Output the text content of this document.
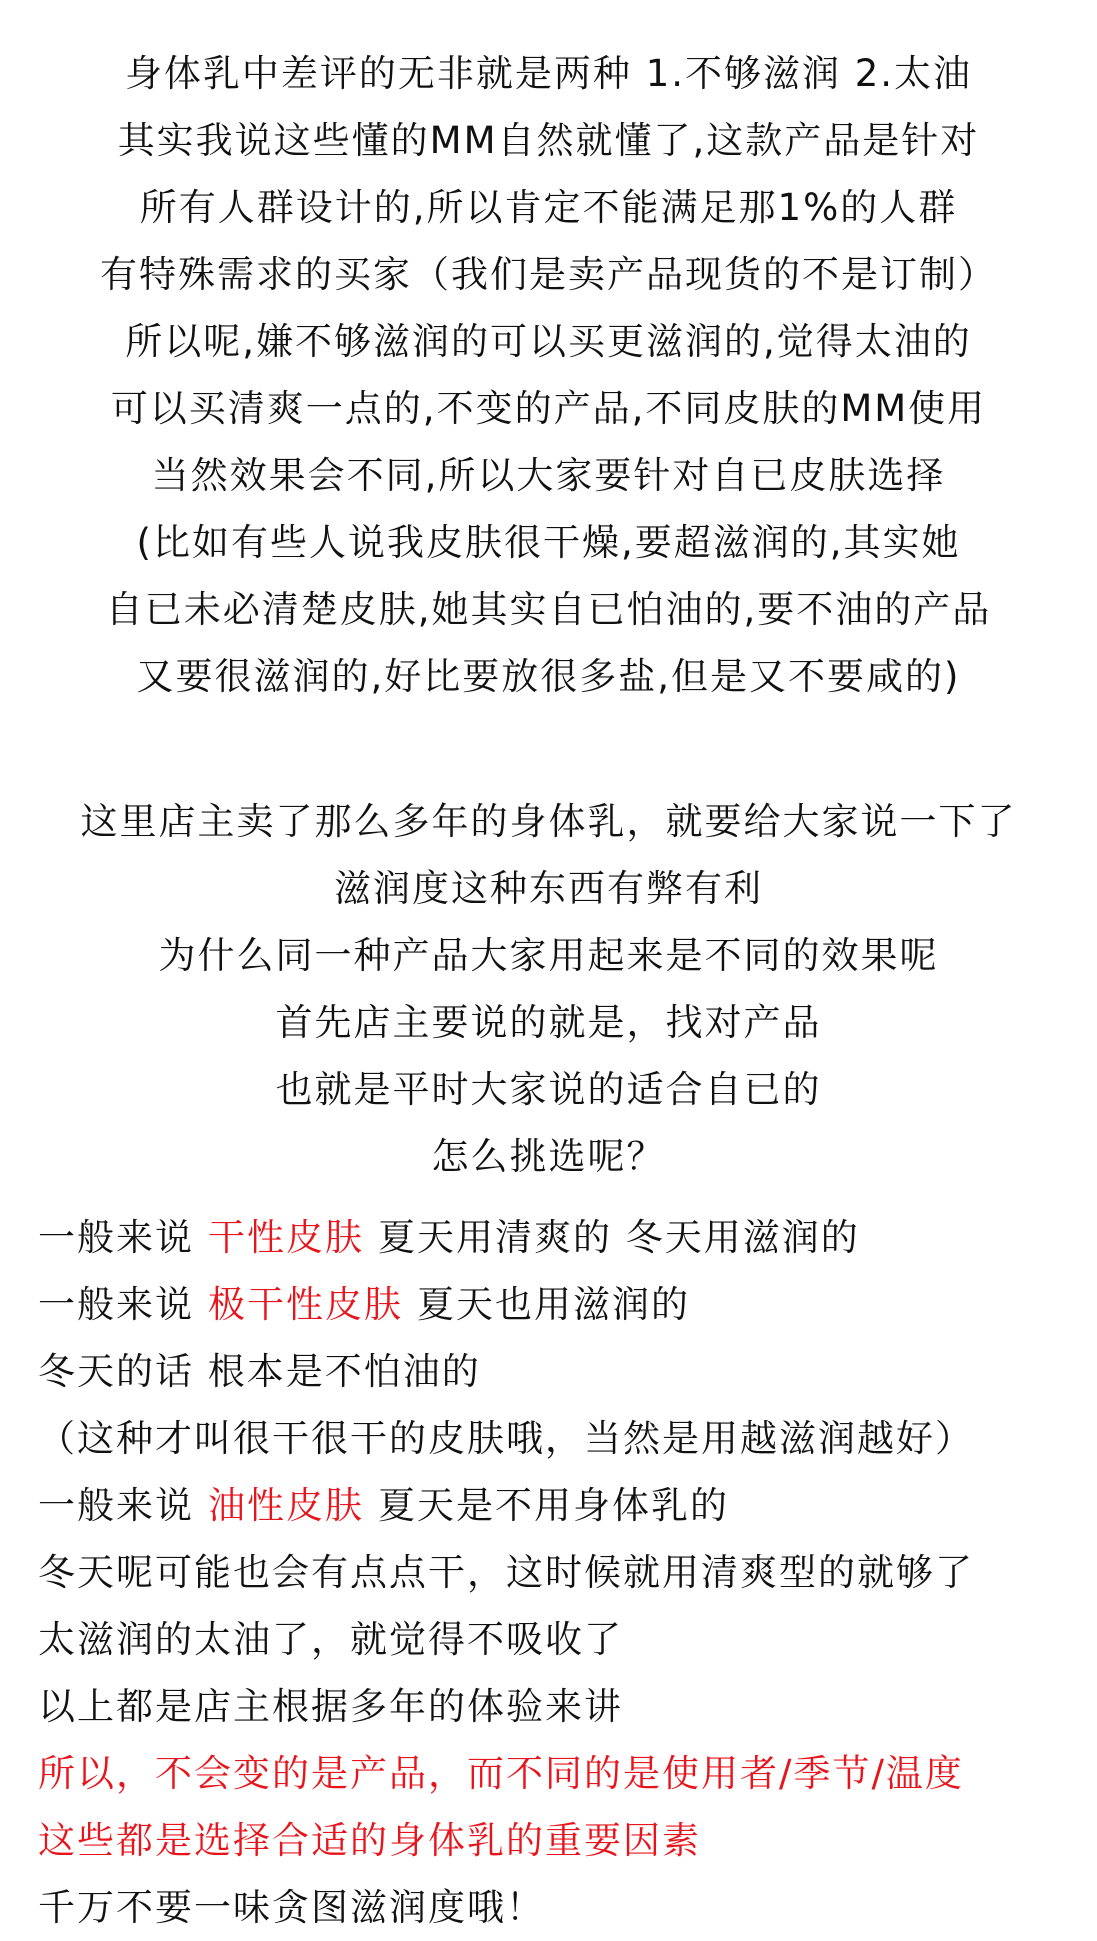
身体乳中差评的无非就是两种 1.不够滋润 2.太油
其实我说这些懂的MM自然就懂了,这款产品是针对
所有人群设计的,所以肯定不能满足那1%的人群
有特殊需求的买家（我们是卖产品现货的不是订制）
所以呢,嫌不够滋润的可以买更滋润的,觉得太油的
可以买清爽一点的,不变的产品,不同皮肤的MM使用
当然效果会不同,所以大家要针对自已皮肤选择
(比如有些人说我皮肤很干燥,要超滋润的,其实她
自已未必清楚皮肤,她其实自已怕油的,要不油的产品
又要很滋润的,好比要放很多盐,但是又不要咸的)
这里店主卖了那么多年的身体乳，就要给大家说一下了
滋润度这种东西有弊有利
为什么同一种产品大家用起来是不同的效果呢
首先店主要说的就是，找对产品
也就是平时大家说的适合自已的
怎么挑选呢？
一般来说 干性皮肤 夏天用清爽的 冬天用滋润的
一般来说 极干性皮肤 夏天也用滋润的
冬天的话 根本是不怕油的
（这种才叫很干很干的皮肤哦，当然是用越滋润越好）
一般来说 油性皮肤 夏天是不用身体乳的
冬天呢可能也会有点点干，这时候就用清爽型的就够了
太滋润的太油了，就觉得不吸收了
以上都是店主根据多年的体验来讲
所以，不会变的是产品，而不同的是使用者/季节/温度
这些都是选择合适的身体乳的重要因素
千万不要一味贪图滋润度哦！
